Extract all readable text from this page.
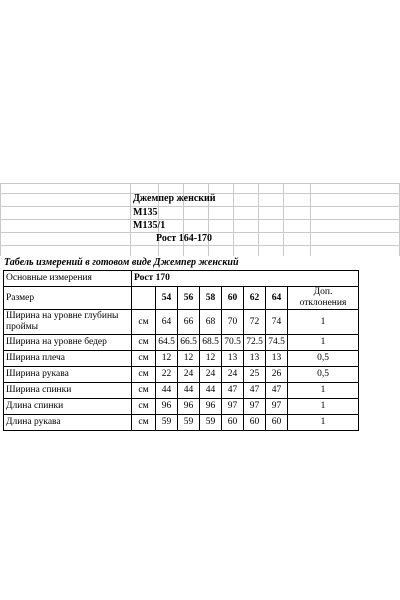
Джемпер женский
М135
М135/1
Рост 164-170
Табель измерений в готовом виде Джемпер женский
Основные измерения	Рост 170							
Размер		54	56	58	60	62	64	Доп. отклонения
Ширина на уровне глубины проймы	см	64	66	68	70	72	74	1
Ширина на уровне бедер	см	64.5	66.5	68.5	70.5	72.5	74.5	1
Ширина плеча	см	12	12	12	13	13	13	0,5
Ширина рукава	см	22	24	24	24	25	26	0,5
Ширина спинки	см	44	44	44	47	47	47	1
Длина спинки	см	96	96	96	97	97	97	1
Длина рукава	см	59	59	59	60	60	60	1
